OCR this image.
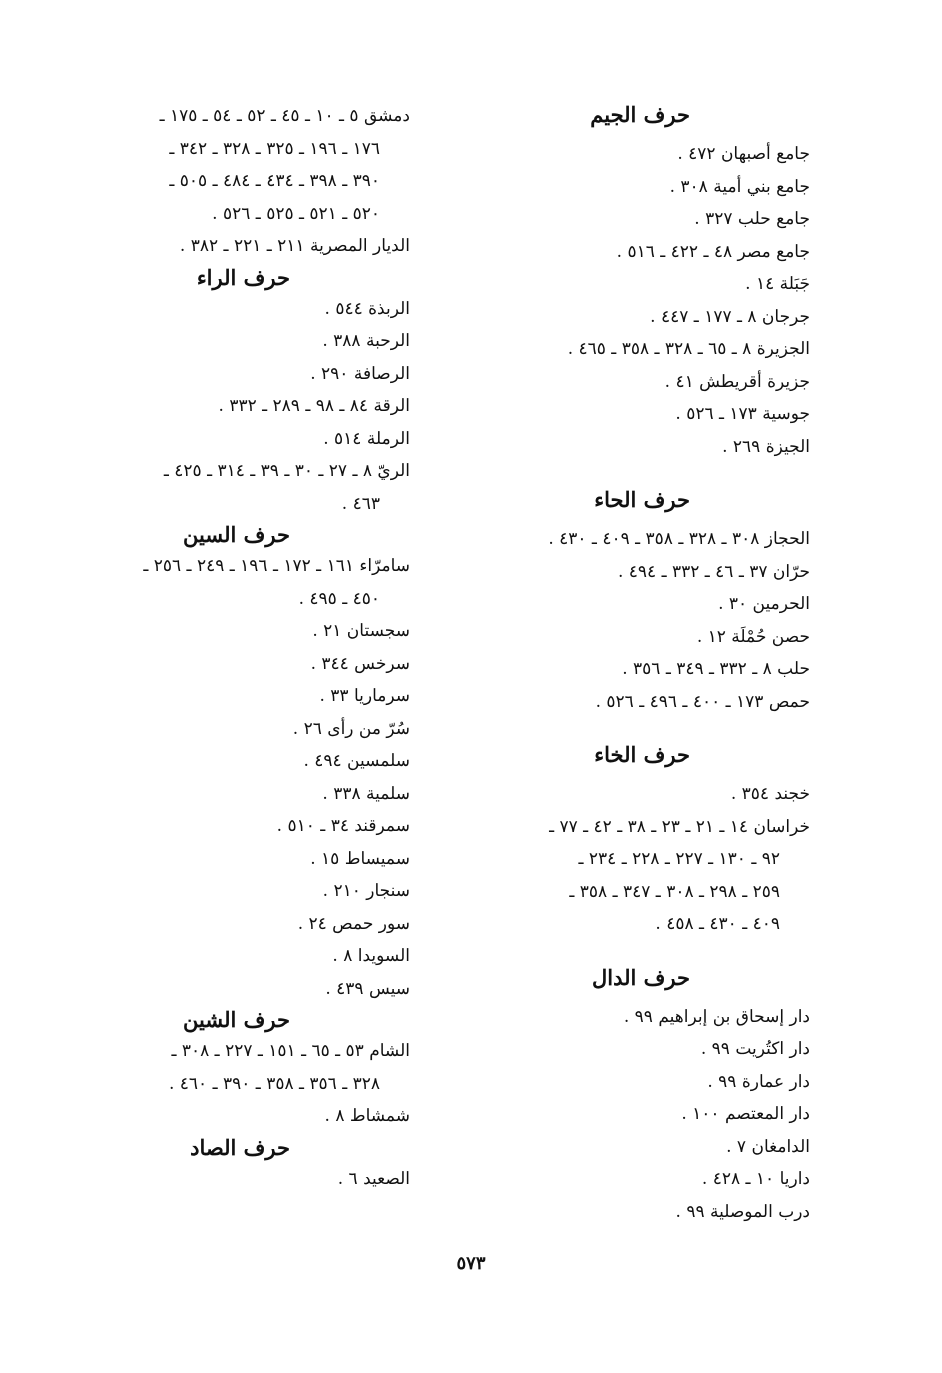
حرف الجيم
جامع أصبهان ٤٧٢ .
جامع بني أمية ٣٠٨ .
جامع حلب ٣٢٧ .
جامع مصر ٤٨ ـ ٤٢٢ ـ ٥١٦ .
جَبَلة ١٤ .
جرجان ٨ ـ ١٧٧ ـ ٤٤٧ .
الجزيرة ٨ ـ ٦٥ ـ ٣٢٨ ـ ٣٥٨ ـ ٤٦٥ .
جزيرة أقريطش ٤١ .
جوسية ١٧٣ ـ ٥٢٦ .
الجيزة ٢٦٩ .
حرف الحاء
الحجاز ٣٠٨ ـ ٣٢٨ ـ ٣٥٨ ـ ٤٠٩ ـ ٤٣٠ .
حرّان ٣٧ ـ ٤٦ ـ ٣٣٢ ـ ٤٩٤ .
الحرمين ٣٠ .
حصن حُمْلَة ١٢ .
حلب ٨ ـ ٣٣٢ ـ ٣٤٩ ـ ٣٥٦ .
حمص ١٧٣ ـ ٤٠٠ ـ ٤٩٦ ـ ٥٢٦ .
حرف الخاء
خجند ٣٥٤ .
خراسان ١٤ ـ ٢١ ـ ٢٣ ـ ٣٨ ـ ٤٢ ـ ٧٧ ـ
٩٢ ـ ١٣٠ ـ ٢٢٧ ـ ٢٢٨ ـ ٢٣٤ ـ
٢٥٩ ـ ٢٩٨ ـ ٣٠٨ ـ ٣٤٧ ـ ٣٥٨ ـ
٤٠٩ ـ ٤٣٠ ـ ٤٥٨ .
حرف الدال
دار إسحاق بن إبراهيم ٩٩ .
دار اكتُريت ٩٩ .
دار عمارة ٩٩ .
دار المعتصم ١٠٠ .
الدامغان ٧ .
داريا ١٠ ـ ٤٢٨ .
درب الموصلية ٩٩ .
دمشق ٥ ـ ١٠ ـ ٤٥ ـ ٥٢ ـ ٥٤ ـ ١٧٥ ـ
١٧٦ ـ ١٩٦ ـ ٣٢٥ ـ ٣٢٨ ـ ٣٤٢ ـ
٣٩٠ ـ ٣٩٨ ـ ٤٣٤ ـ ٤٨٤ ـ ٥٠٥ ـ
٥٢٠ ـ ٥٢١ ـ ٥٢٥ ـ ٥٢٦ .
الديار المصرية ٢١١ ـ ٢٢١ ـ ٣٨٢ .
حرف الراء
الربذة ٥٤٤ .
الرحبة ٣٨٨ .
الرصافة ٢٩٠ .
الرقة ٨٤ ـ ٩٨ ـ ٢٨٩ ـ ٣٣٢ .
الرملة ٥١٤ .
الريّ ٨ ـ ٢٧ ـ ٣٠ ـ ٣٩ ـ ٣١٤ ـ ٤٢٥ ـ
٤٦٣ .
حرف السين
سامرّاء ١٦١ ـ ١٧٢ ـ ١٩٦ ـ ٢٤٩ ـ ٢٥٦ ـ
٤٥٠ ـ ٤٩٥ .
سجستان ٢١ .
سرخس ٣٤٤ .
سرماريا ٣٣ .
سُرّ من رأى ٢٦ .
سلمسين ٤٩٤ .
سلمية ٣٣٨ .
سمرقند ٣٤ ـ ٥١٠ .
سميساط ١٥ .
سنجار ٢١٠ .
سور حمص ٢٤ .
السويدا ٨ .
سيس ٤٣٩ .
حرف الشين
الشام ٥٣ ـ ٦٥ ـ ١٥١ ـ ٢٢٧ ـ ٣٠٨ ـ
٣٢٨ ـ ٣٥٦ ـ ٣٥٨ ـ ٣٩٠ ـ ٤٦٠ .
شمشاط ٨ .
حرف الصاد
الصعيد ٦ .
٥٧٣
